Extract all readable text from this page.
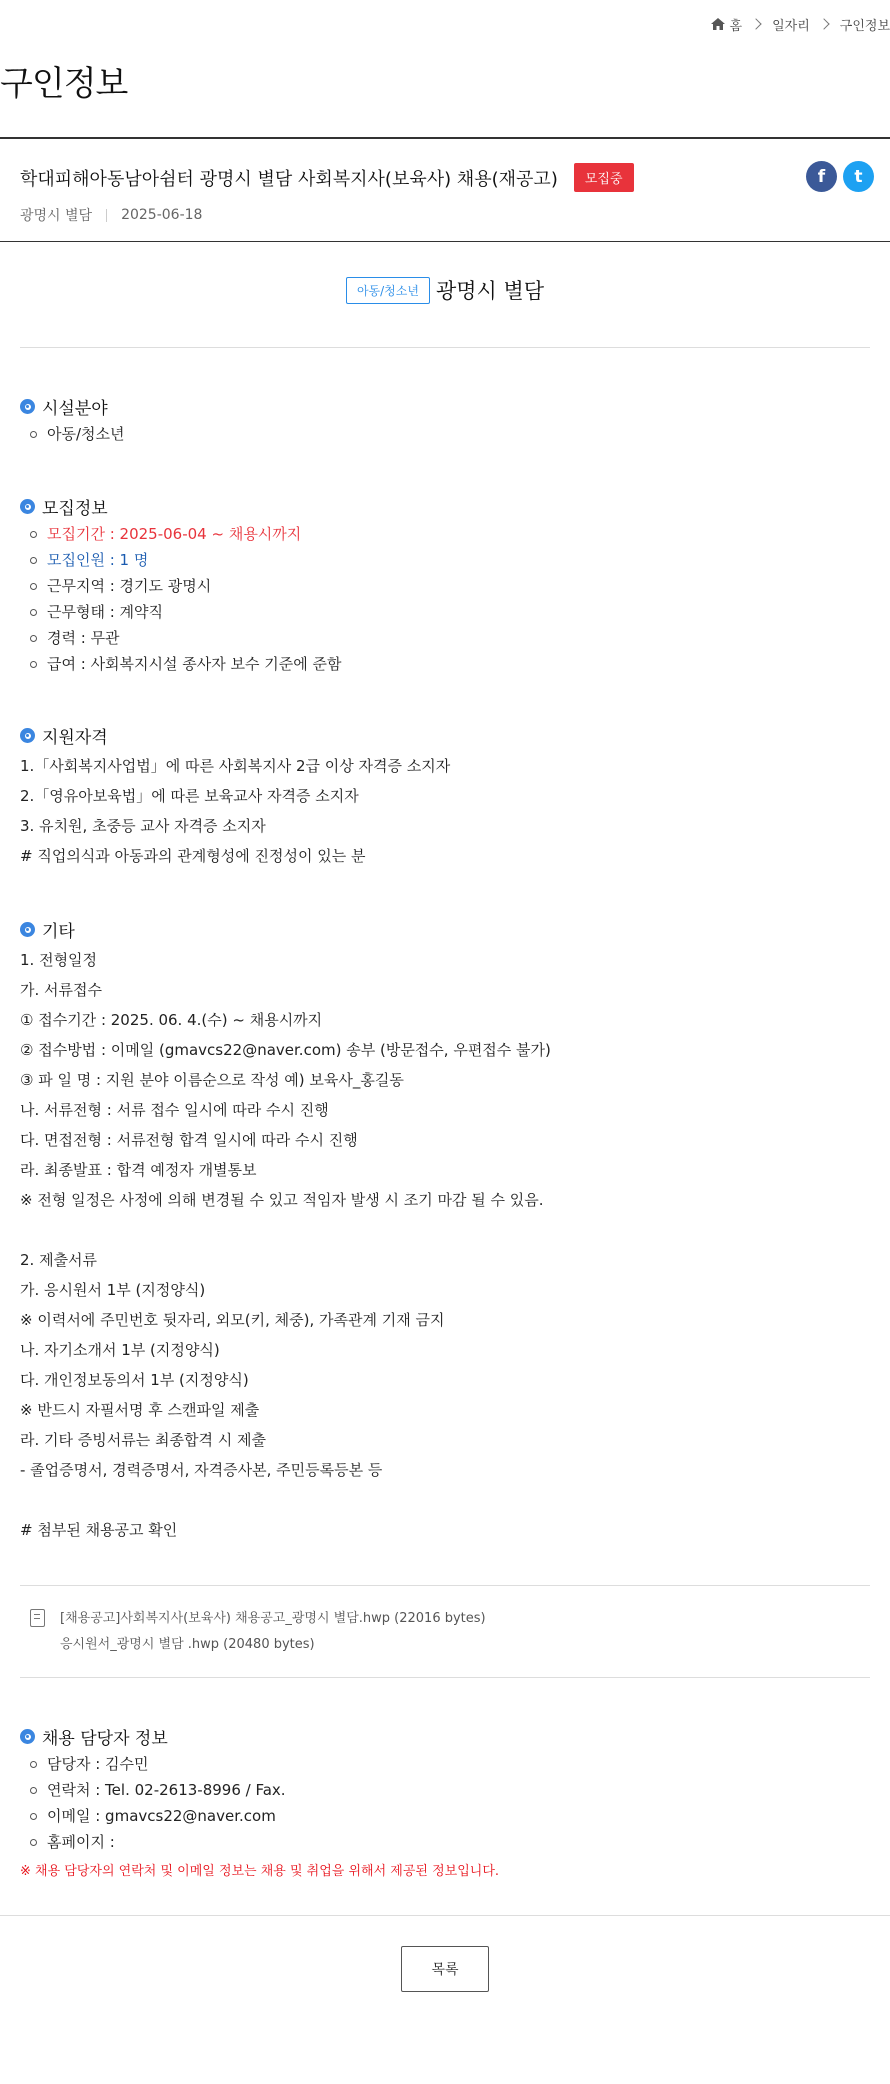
홈 일자리 구인정보
구인정보
학대피해아동남아쉼터 광명시 별담 사회복지사(보육사) 채용(재공고)	모집중
광명시 별담 2025-06-18
f	t
아동/청소년 광명시 별담
시설분야
아동/청소년
모집정보
모집기간 : 2025-06-04 ~ 채용시까지
모집인원 : 1 명
근무지역 : 경기도 광명시
근무형태 : 계약직
경력 : 무관
급여 : 사회복지시설 종사자 보수 기준에 준함
지원자격
1.「사회복지사업법」에 따른 사회복지사 2급 이상 자격증 소지자
2.「영유아보육법」에 따른 보육교사 자격증 소지자
3. 유치원, 초중등 교사 자격증 소지자
# 직업의식과 아동과의 관계형성에 진정성이 있는 분
기타
1. 전형일정
가. 서류접수
① 접수기간 : 2025. 06. 4.(수) ~ 채용시까지
② 접수방법 : 이메일 (gmavcs22@naver.com) 송부 (방문접수, 우편접수 불가)
③ 파 일 명 : 지원 분야 이름순으로 작성 예) 보육사_홍길동
나. 서류전형 : 서류 접수 일시에 따라 수시 진행
다. 면접전형 : 서류전형 합격 일시에 따라 수시 진행
라. 최종발표 : 합격 예정자 개별통보
※ 전형 일정은 사정에 의해 변경될 수 있고 적임자 발생 시 조기 마감 될 수 있음.
2. 제출서류
가. 응시원서 1부 (지정양식)
※ 이력서에 주민번호 뒷자리, 외모(키, 체중), 가족관계 기재 금지
나. 자기소개서 1부 (지정양식)
다. 개인정보동의서 1부 (지정양식)
※ 반드시 자필서명 후 스캔파일 제출
라. 기타 증빙서류는 최종합격 시 제출
- 졸업증명서, 경력증명서, 자격증사본, 주민등록등본 등
# 첨부된 채용공고 확인
[채용공고]사회복지사(보육사) 채용공고_광명시 별담.hwp (22016 bytes)
응시원서_광명시 별담 .hwp (20480 bytes)
채용 담당자 정보
담당자 : 김수민
연락처 : Tel. 02-2613-8996 / Fax.
이메일 : gmavcs22@naver.com
홈페이지 :
※ 채용 담당자의 연락처 및 이메일 정보는 채용 및 취업을 위해서 제공된 정보입니다.
목록
